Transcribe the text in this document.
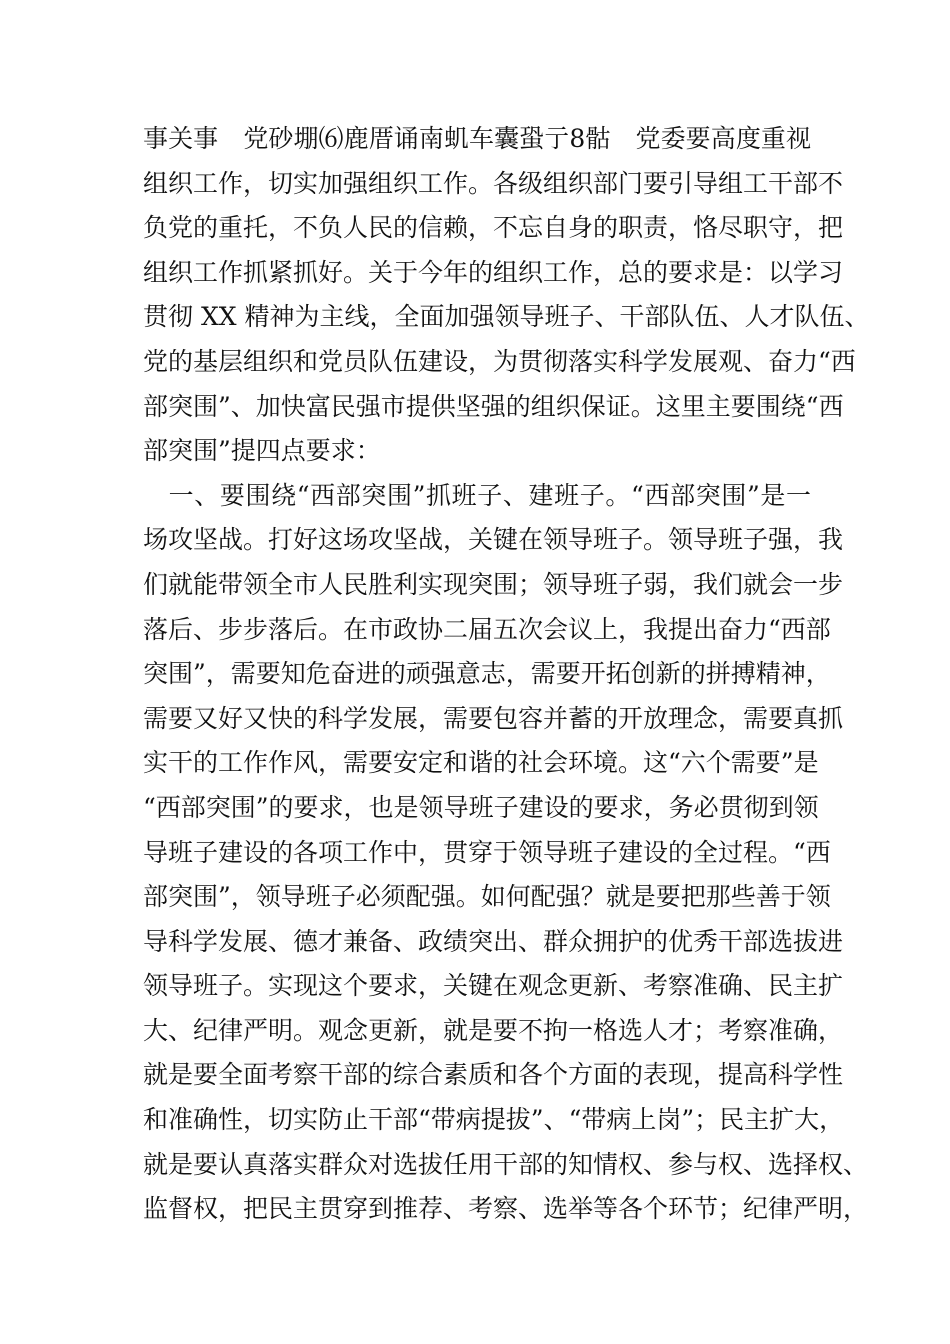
事关事　党砂堋⑹鹿厝诵南虮车囊蛩亍8骷　党委要高度重视
组织工作，切实加强组织工作。各级组织部门要引导组工干部不
负党的重托，不负人民的信赖，不忘自身的职责，恪尽职守，把
组织工作抓紧抓好。关于今年的组织工作，总的要求是：以学习
贯彻 XX 精神为主线，全面加强领导班子、干部队伍、人才队伍、
党的基层组织和党员队伍建设，为贯彻落实科学发展观、奋力“西
部突围”、加快富民强市提供坚强的组织保证。这里主要围绕“西
部突围”提四点要求：
　一、要围绕“西部突围”抓班子、建班子。“西部突围”是一
场攻坚战。打好这场攻坚战，关键在领导班子。领导班子强，我
们就能带领全市人民胜利实现突围；领导班子弱，我们就会一步
落后、步步落后。在市政协二届五次会议上，我提出奋力“西部
突围”，需要知危奋进的顽强意志，需要开拓创新的拼搏精神，
需要又好又快的科学发展，需要包容并蓄的开放理念，需要真抓
实干的工作作风，需要安定和谐的社会环境。这“六个需要”是
“西部突围”的要求，也是领导班子建设的要求，务必贯彻到领
导班子建设的各项工作中，贯穿于领导班子建设的全过程。“西
部突围”，领导班子必须配强。如何配强？就是要把那些善于领
导科学发展、德才兼备、政绩突出、群众拥护的优秀干部选拔进
领导班子。实现这个要求，关键在观念更新、考察准确、民主扩
大、纪律严明。观念更新，就是要不拘一格选人才；考察准确，
就是要全面考察干部的综合素质和各个方面的表现，提高科学性
和准确性，切实防止干部“带病提拔”、“带病上岗”；民主扩大，
就是要认真落实群众对选拔任用干部的知情权、参与权、选择权、
监督权，把民主贯穿到推荐、考察、选举等各个环节；纪律严明，
